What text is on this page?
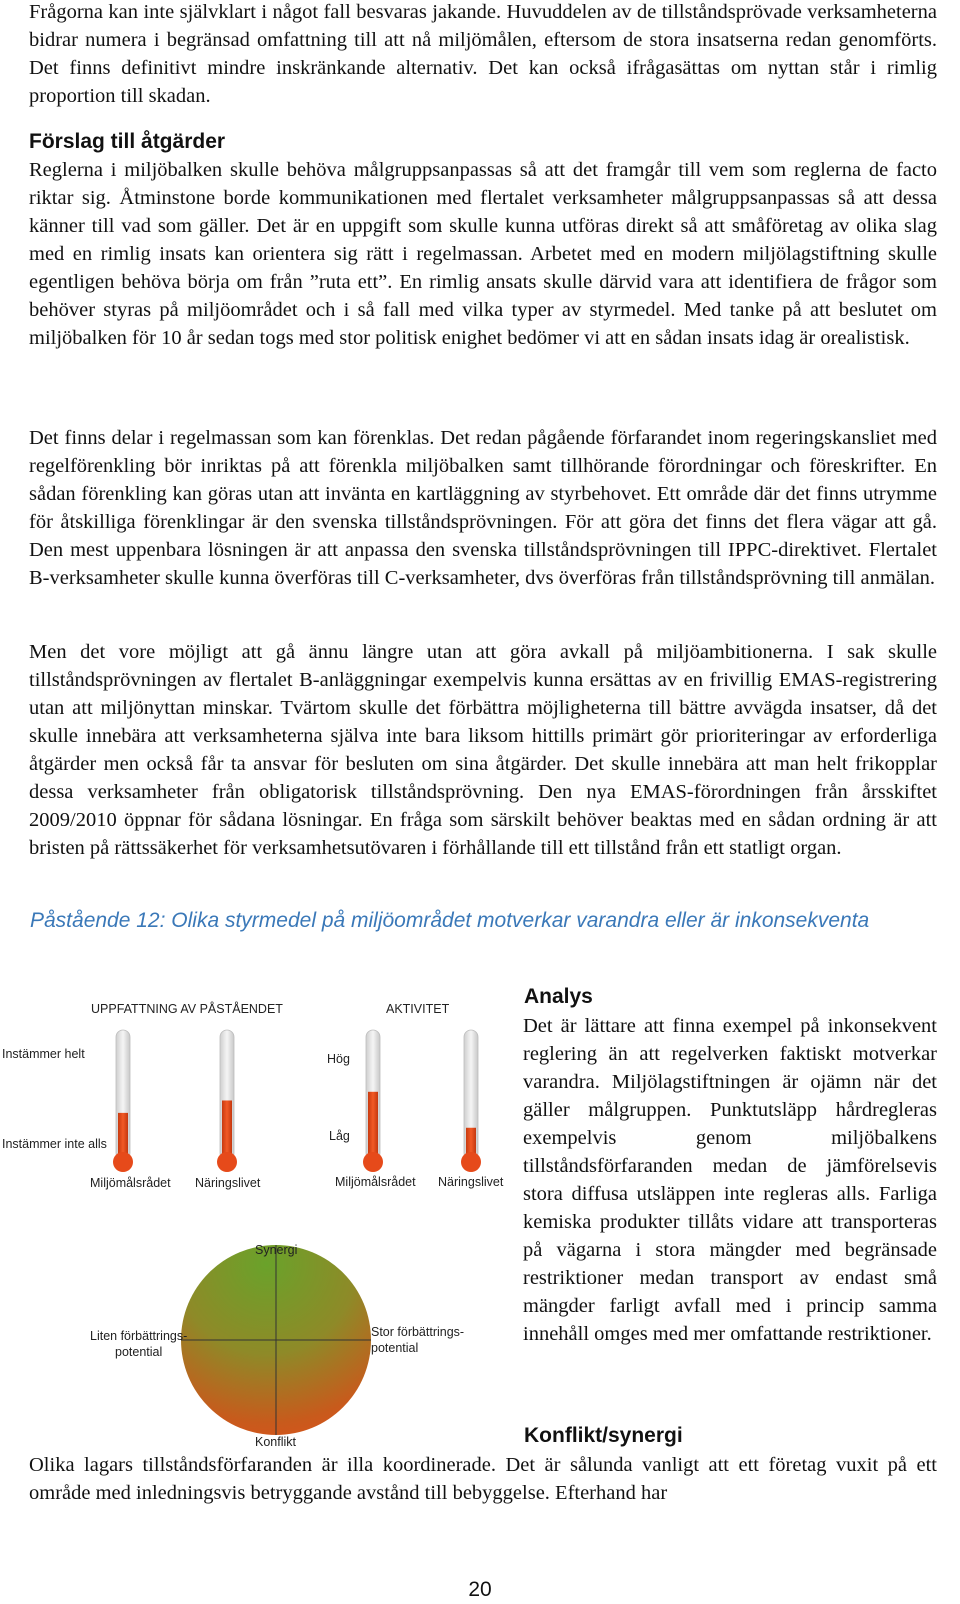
Frågorna kan inte självklart i något fall besvaras jakande. Huvuddelen av de tillståndsprövade verksamheterna bidrar numera i begränsad omfattning till att nå miljömålen, eftersom de stora insatserna redan genomförts. Det finns definitivt mindre inskränkande alternativ. Det kan också ifrågasättas om nyttan står i rimlig proportion till skadan.

Förslag till åtgärder

Reglerna i miljöbalken skulle behöva målgruppsanpassas så att det framgår till vem som reglerna de facto riktar sig. Åtminstone borde kommunikationen med flertalet verksamheter målgruppsanpassas så att dessa känner till vad som gäller. Det är en uppgift som skulle kunna utföras direkt så att småföretag av olika slag med en rimlig insats kan orientera sig rätt i regelmassan. Arbetet med en modern miljölagstiftning skulle egentligen behöva börja om från ”ruta ett”. En rimlig ansats skulle därvid vara att identifiera de frågor som behöver styras på miljöområdet och i så fall med vilka typer av styrmedel. Med tanke på att beslutet om miljöbalken för 10 år sedan togs med stor politisk enighet bedömer vi att en sådan insats idag är orealistisk.

Det finns delar i regelmassan som kan förenklas. Det redan pågående förfarandet inom regeringskansliet med regelförenkling bör inriktas på att förenkla miljöbalken samt tillhörande förordningar och föreskrifter. En sådan förenkling kan göras utan att invänta en kartläggning av styrbehovet. Ett område där det finns utrymme för åtskilliga förenklingar är den svenska tillståndsprövningen. För att göra det finns det flera vägar att gå. Den mest uppenbara lösningen är att anpassa den svenska tillståndsprövningen till IPPC-direktivet. Flertalet B-verksamheter skulle kunna överföras till C-verksamheter, dvs överföras från tillståndsprövning till anmälan.

Men det vore möjligt att gå ännu längre utan att göra avkall på miljöambitionerna. I sak skulle tillståndsprövningen av flertalet B-anläggningar exempelvis kunna ersättas av en frivillig EMAS-registrering utan att miljönyttan minskar. Tvärtom skulle det förbättra möjligheterna till bättre avvägda insatser, då det skulle innebära att verksamheterna själva inte bara liksom hittills primärt gör prioriteringar av erforderliga åtgärder men också får ta ansvar för besluten om sina åtgärder. Det skulle innebära att man helt frikopplar dessa verksamheter från obligatorisk tillståndsprövning. Den nya EMAS-förordningen från årsskiftet 2009/2010 öppnar för sådana lösningar. En fråga som särskilt behöver beaktas med en sådan ordning är att bristen på rättssäkerhet för verksamhetsutövaren i förhållande till ett tillstånd från ett statligt organ.

Påstående 12: Olika styrmedel på miljöområdet motverkar varandra eller är inkonsekventa

UPPFATTNING AV PÅSTÅENDET	AKTIVITET
Instämmer helt
Instämmer inte alls
Hög
Låg
Miljömålsrådet Näringslivet	Miljömålsrådet Näringslivet
Synergi
Konflikt
Liten förbättrings-
potential
Stor förbättrings-
potential
Analys

Det är lättare att finna exempel på inkonsekvent reglering än att regelverken faktiskt motverkar varandra. Miljölagstiftningen är ojämn när det gäller målgruppen. Punktutsläpp hårdregleras exempelvis genom miljöbalkens tillståndsförfaranden medan de jämförelsevis stora diffusa utsläppen inte regleras alls. Farliga kemiska produkter tillåts vidare att transporteras på vägarna i stora mängder med begränsade restriktioner medan transport av endast små mängder farligt avfall med i princip samma innehåll omges med mer omfattande restriktioner.

Konflikt/synergi

Olika lagars tillståndsförfaranden är illa koordinerade. Det är sålunda vanligt att ett företag vuxit på ett område med inledningsvis betryggande avstånd till bebyggelse. Efterhand har

20
